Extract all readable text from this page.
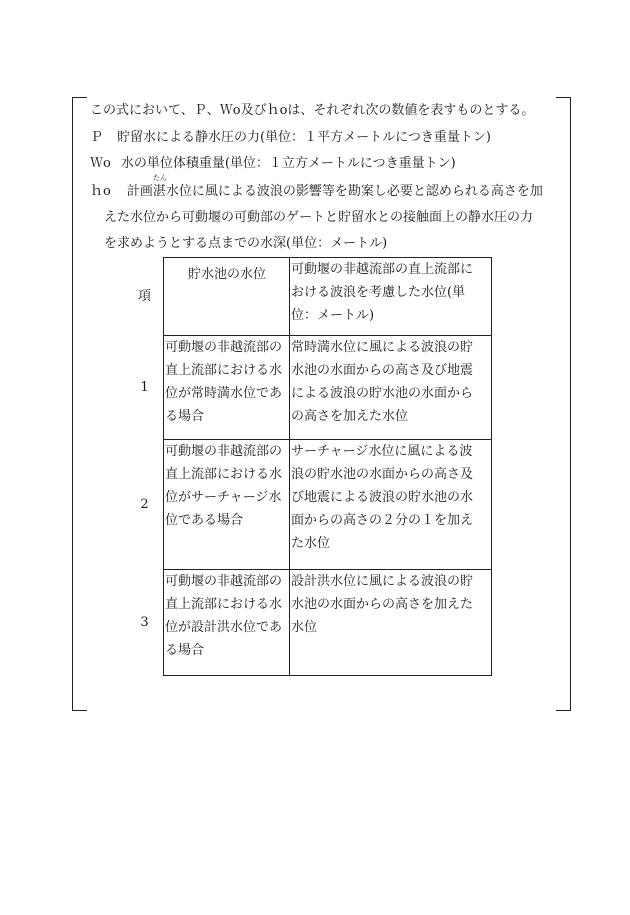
この式において、Ｐ、Ｗo及びｈoは、それぞれ次の数値を表すものとする。
Ｐ 貯留水による静水圧の力(単位：１平方メートルにつき重量トン)
Ｗo 水の単位体積重量(単位：１立方メートルにつき重量トン)
ｈo 計画
たん
湛水位に風による波浪の影響等を勘案し必要と認められる高さを加
えた水位から可動堰の可動部のゲートと貯留水との接触面上の静水圧の力
を求めようとする点までの水深(単位：メートル)
項	貯水池の水位	可動堰の非越流部の直上流部に
おける波浪を考慮した水位(単
位：メートル)

1	可動堰の非越流部の
直上流部における水
位が常時満水位であ
る場合	常時満水位に風による波浪の貯
水池の水面からの高さ及び地震
による波浪の貯水池の水面から
の高さを加えた水位

2	可動堰の非越流部の
直上流部における水
位がサーチャージ水
位である場合	サーチャージ水位に風による波
浪の貯水池の水面からの高さ及
び地震による波浪の貯水池の水
面からの高さの２分の１を加え
た水位

3	可動堰の非越流部の
直上流部における水
位が設計洪水位であ
る場合	設計洪水位に風による波浪の貯
水池の水面からの高さを加えた
水位
